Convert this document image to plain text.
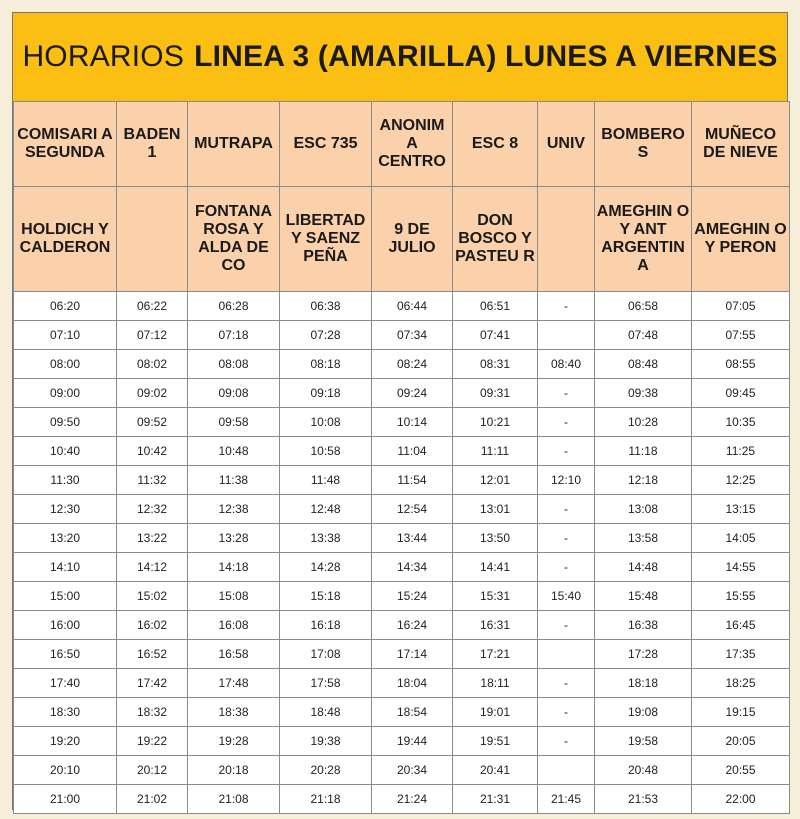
HORARIOS LINEA 3 (AMARILLA) LUNES A VIERNES
COMISARI A SEGUNDA	BADEN 1	MUTRAPA	ESC 735	ANONIM A CENTRO	ESC 8	UNIV	BOMBERO S	MUÑECO DE NIEVE
HOLDICH Y CALDERON		FONTANA ROSA Y ALDA DE CO	LIBERTAD Y SAENZ PEÑA	9 DE JULIO	DON BOSCO Y PASTEU R		AMEGHIN O Y ANT ARGENTIN A	AMEGHIN O Y PERON
06:20	06:22	06:28	06:38	06:44	06:51	-	06:58	07:05
07:10	07:12	07:18	07:28	07:34	07:41		07:48	07:55
08:00	08:02	08:08	08:18	08:24	08:31	08:40	08:48	08:55
09:00	09:02	09:08	09:18	09:24	09:31	-	09:38	09:45
09:50	09:52	09:58	10:08	10:14	10:21	-	10:28	10:35
10:40	10:42	10:48	10:58	11:04	11:11	-	11:18	11:25
11:30	11:32	11:38	11:48	11:54	12:01	12:10	12:18	12:25
12:30	12:32	12:38	12:48	12:54	13:01	-	13:08	13:15
13:20	13:22	13:28	13:38	13:44	13:50	-	13:58	14:05
14:10	14:12	14:18	14:28	14:34	14:41	-	14:48	14:55
15:00	15:02	15:08	15:18	15:24	15:31	15:40	15:48	15:55
16:00	16:02	16:08	16:18	16:24	16:31	-	16:38	16:45
16:50	16:52	16:58	17:08	17:14	17:21		17:28	17:35
17:40	17:42	17:48	17:58	18:04	18:11	-	18:18	18:25
18:30	18:32	18:38	18:48	18:54	19:01	-	19:08	19:15
19:20	19:22	19:28	19:38	19:44	19:51	-	19:58	20:05
20:10	20:12	20:18	20:28	20:34	20:41		20:48	20:55
21:00	21:02	21:08	21:18	21:24	21:31	21:45	21:53	22:00
